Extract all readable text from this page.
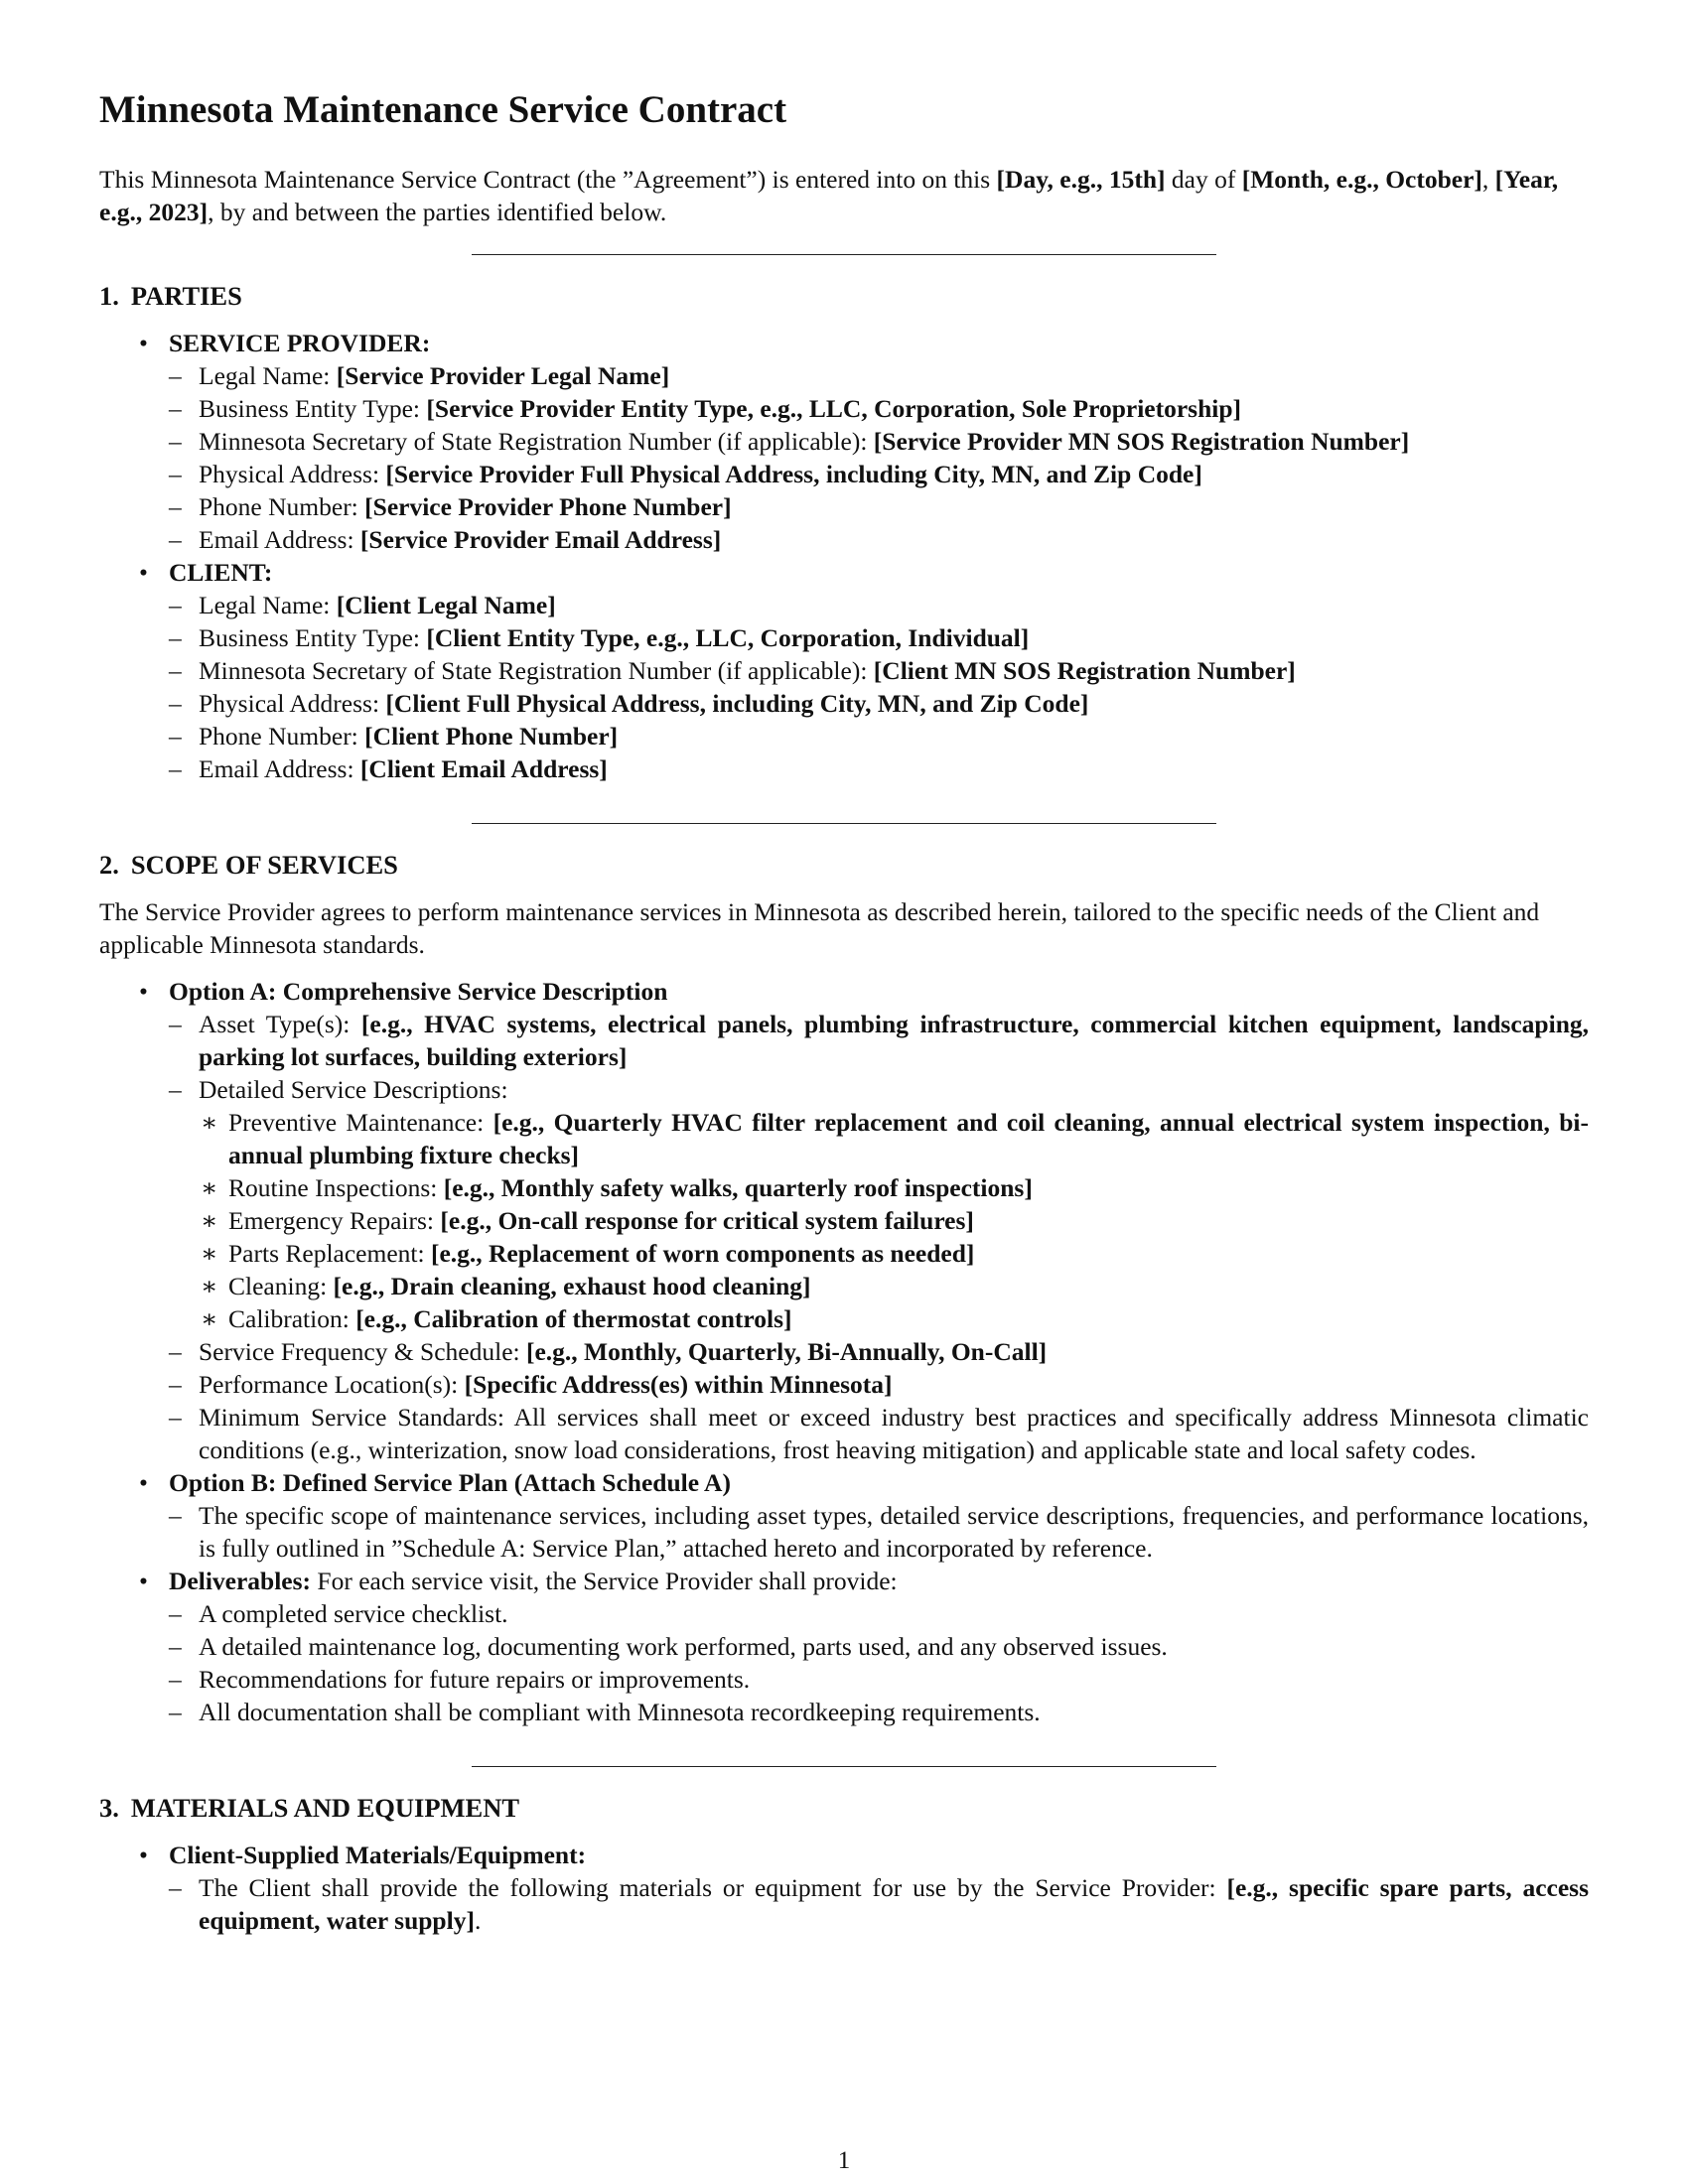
Minnesota Maintenance Service Contract

This Minnesota Maintenance Service Contract (the ”Agreement”) is entered into on this [Day, e.g., 15th] day of [Month, e.g., October], [Year, e.g., 2023], by and between the parties identified below.

1. PARTIES
• SERVICE PROVIDER:
– Legal Name: [Service Provider Legal Name]
– Business Entity Type: [Service Provider Entity Type, e.g., LLC, Corporation, Sole Proprietorship]
– Minnesota Secretary of State Registration Number (if applicable): [Service Provider MN SOS Registration Number]
– Physical Address: [Service Provider Full Physical Address, including City, MN, and Zip Code]
– Phone Number: [Service Provider Phone Number]
– Email Address: [Service Provider Email Address]
• CLIENT:
– Legal Name: [Client Legal Name]
– Business Entity Type: [Client Entity Type, e.g., LLC, Corporation, Individual]
– Minnesota Secretary of State Registration Number (if applicable): [Client MN SOS Registration Number]
– Physical Address: [Client Full Physical Address, including City, MN, and Zip Code]
– Phone Number: [Client Phone Number]
– Email Address: [Client Email Address]
2. SCOPE OF SERVICES

The Service Provider agrees to perform maintenance services in Minnesota as described herein, tailored to the specific needs of the Client and applicable Minnesota standards.

• Option A: Comprehensive Service Description
– Asset Type(s): [e.g., HVAC systems, electrical panels, plumbing infrastructure, commercial kitchen equipment, landscaping, parking lot surfaces, building exteriors]
– Detailed Service Descriptions:
∗ Preventive Maintenance: [e.g., Quarterly HVAC filter replacement and coil cleaning, annual electrical system inspection, bi-annual plumbing fixture checks]
∗ Routine Inspections: [e.g., Monthly safety walks, quarterly roof inspections]
∗ Emergency Repairs: [e.g., On-call response for critical system failures]
∗ Parts Replacement: [e.g., Replacement of worn components as needed]
∗ Cleaning: [e.g., Drain cleaning, exhaust hood cleaning]
∗ Calibration: [e.g., Calibration of thermostat controls]
– Service Frequency & Schedule: [e.g., Monthly, Quarterly, Bi-Annually, On-Call]
– Performance Location(s): [Specific Address(es) within Minnesota]
– Minimum Service Standards: All services shall meet or exceed industry best practices and specifically address Minnesota climatic conditions (e.g., winterization, snow load considerations, frost heaving mitigation) and applicable state and local safety codes.
• Option B: Defined Service Plan (Attach Schedule A)
– The specific scope of maintenance services, including asset types, detailed service descriptions, frequencies, and performance locations, is fully outlined in ”Schedule A: Service Plan,” attached hereto and incorporated by reference.
• Deliverables: For each service visit, the Service Provider shall provide:
– A completed service checklist.
– A detailed maintenance log, documenting work performed, parts used, and any observed issues.
– Recommendations for future repairs or improvements.
– All documentation shall be compliant with Minnesota recordkeeping requirements.
3. MATERIALS AND EQUIPMENT
• Client-Supplied Materials/Equipment:
– The Client shall provide the following materials or equipment for use by the Service Provider: [e.g., specific spare parts, access equipment, water supply].
1
